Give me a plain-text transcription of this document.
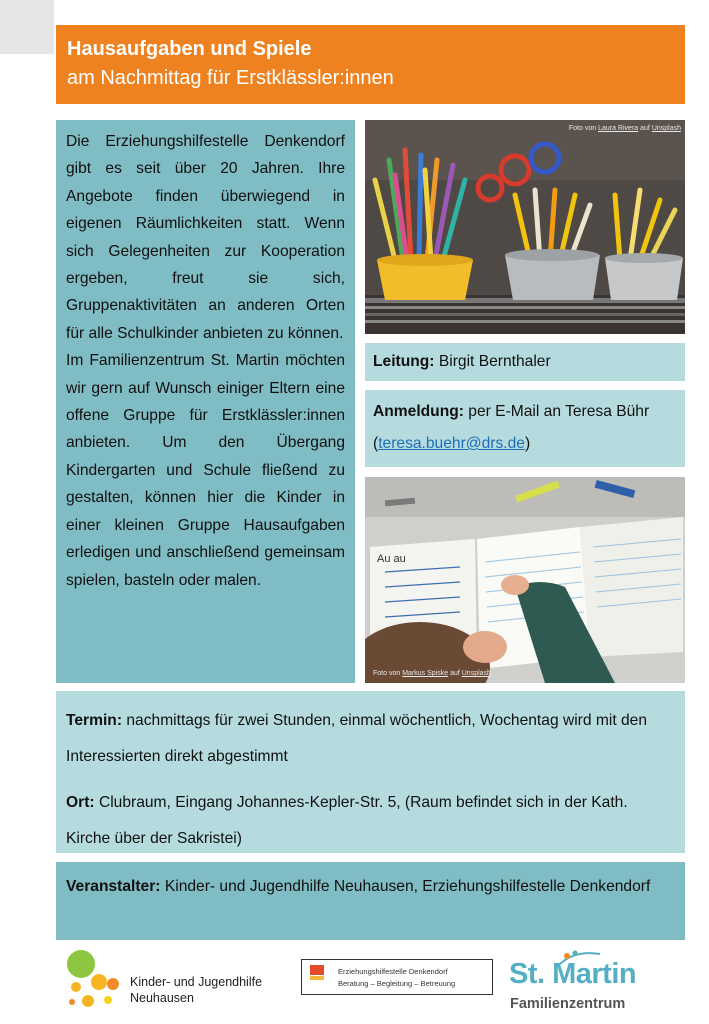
Hausaufgaben und Spiele
am Nachmittag für Erstklässler:innen

Die Erziehungshilfestelle Denkendorf gibt es seit über 20 Jahren. Ihre Angebote finden überwiegend in eigenen Räumlichkeiten statt. Wenn sich Gelegenheiten zur Kooperation ergeben, freut sie sich, Gruppenaktivitäten an anderen Orten für alle Schulkinder anbieten zu können.

Im Familienzentrum St. Martin möchten wir gern auf Wunsch einiger Eltern eine offene Gruppe für Erstklässler:innen anbieten. Um den Übergang Kindergarten und Schule fließend zu gestalten, können hier die Kinder in einer kleinen Gruppe Hausaufgaben erledigen und anschließend gemeinsam spielen, basteln oder malen.

Foto von Laura Rivera auf Unsplash
Leitung: Birgit Bernthaler
Anmeldung: per E-Mail an Teresa Bühr (teresa.buehr@drs.de)
Au au
Foto von Markus Spiske auf Unsplash
Termin: nachmittags für zwei Stunden, einmal wöchentlich, Wochentag wird mit den Interessierten direkt abgestimmt
Ort: Clubraum, Eingang Johannes-Kepler-Str. 5, (Raum befindet sich in der Kath. Kirche über der Sakristei)
Veranstalter: Kinder- und Jugendhilfe Neuhausen, Erziehungshilfestelle Denkendorf
Kinder- und Jugendhilfe
Neuhausen
Erziehungshilfestelle Denkendorf
Beratung – Begleitung – Betreuung St. Martin
Familienzentrum
